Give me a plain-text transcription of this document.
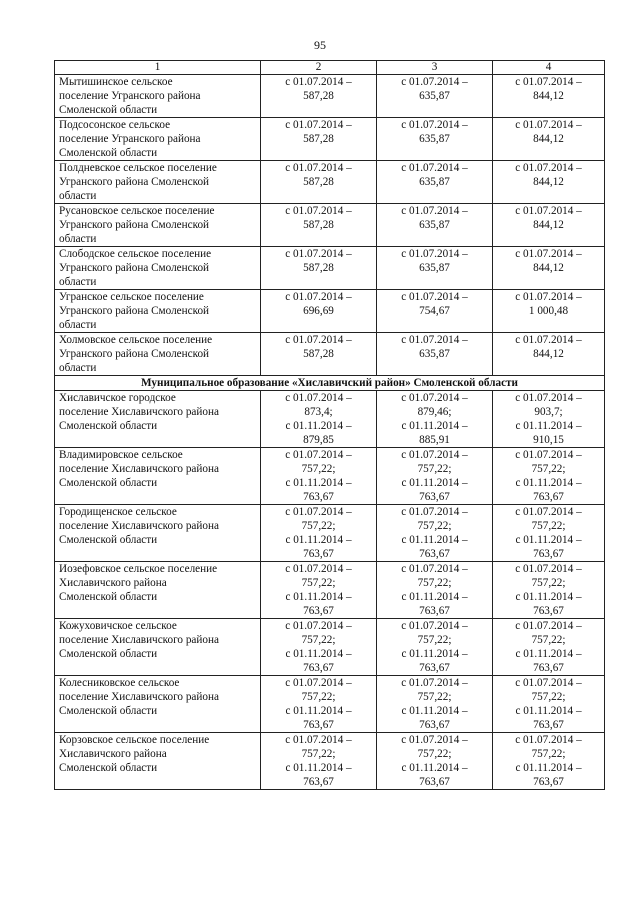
95
1	2	3	4

Мытишинское сельское
поселение Угранского района
Смоленской области	с 01.07.2014 –
587,28	с 01.07.2014 –
635,87	с 01.07.2014 –
844,12

Подсосонское сельское
поселение Угранского района
Смоленской области	с 01.07.2014 –
587,28	с 01.07.2014 –
635,87	с 01.07.2014 –
844,12

Полдневское сельское поселение
Угранского района Смоленской
области	с 01.07.2014 –
587,28	с 01.07.2014 –
635,87	с 01.07.2014 –
844,12

Русановское сельское поселение
Угранского района Смоленской
области	с 01.07.2014 –
587,28	с 01.07.2014 –
635,87	с 01.07.2014 –
844,12

Слободское сельское поселение
Угранского района Смоленской
области	с 01.07.2014 –
587,28	с 01.07.2014 –
635,87	с 01.07.2014 –
844,12

Угранское сельское поселение
Угранского района Смоленской
области	с 01.07.2014 –
696,69	с 01.07.2014 –
754,67	с 01.07.2014 –
1 000,48

Холмовское сельское поселение
Угранского района Смоленской
области	с 01.07.2014 –
587,28	с 01.07.2014 –
635,87	с 01.07.2014 –
844,12

Муниципальное образование «Хиславичский район» Смоленской области			

Хиславичское городское
поселение Хиславичского района
Смоленской области	с 01.07.2014 –
873,4;
с 01.11.2014 –
879,85	с 01.07.2014 –
879,46;
с 01.11.2014 –
885,91	с 01.07.2014 –
903,7;
с 01.11.2014 –
910,15

Владимировское сельское
поселение Хиславичского района
Смоленской области	с 01.07.2014 –
757,22;
с 01.11.2014 –
763,67	с 01.07.2014 –
757,22;
с 01.11.2014 –
763,67	с 01.07.2014 –
757,22;
с 01.11.2014 –
763,67

Городищенское сельское
поселение Хиславичского района
Смоленской области	с 01.07.2014 –
757,22;
с 01.11.2014 –
763,67	с 01.07.2014 –
757,22;
с 01.11.2014 –
763,67	с 01.07.2014 –
757,22;
с 01.11.2014 –
763,67

Иозефовское сельское поселение
Хиславичского района
Смоленской области	с 01.07.2014 –
757,22;
с 01.11.2014 –
763,67	с 01.07.2014 –
757,22;
с 01.11.2014 –
763,67	с 01.07.2014 –
757,22;
с 01.11.2014 –
763,67

Кожуховичское сельское
поселение Хиславичского района
Смоленской области	с 01.07.2014 –
757,22;
с 01.11.2014 –
763,67	с 01.07.2014 –
757,22;
с 01.11.2014 –
763,67	с 01.07.2014 –
757,22;
с 01.11.2014 –
763,67

Колесниковское сельское
поселение Хиславичского района
Смоленской области	с 01.07.2014 –
757,22;
с 01.11.2014 –
763,67	с 01.07.2014 –
757,22;
с 01.11.2014 –
763,67	с 01.07.2014 –
757,22;
с 01.11.2014 –
763,67

Корзовское сельское поселение
Хиславичского района
Смоленской области	с 01.07.2014 –
757,22;
с 01.11.2014 –
763,67	с 01.07.2014 –
757,22;
с 01.11.2014 –
763,67	с 01.07.2014 –
757,22;
с 01.11.2014 –
763,67
